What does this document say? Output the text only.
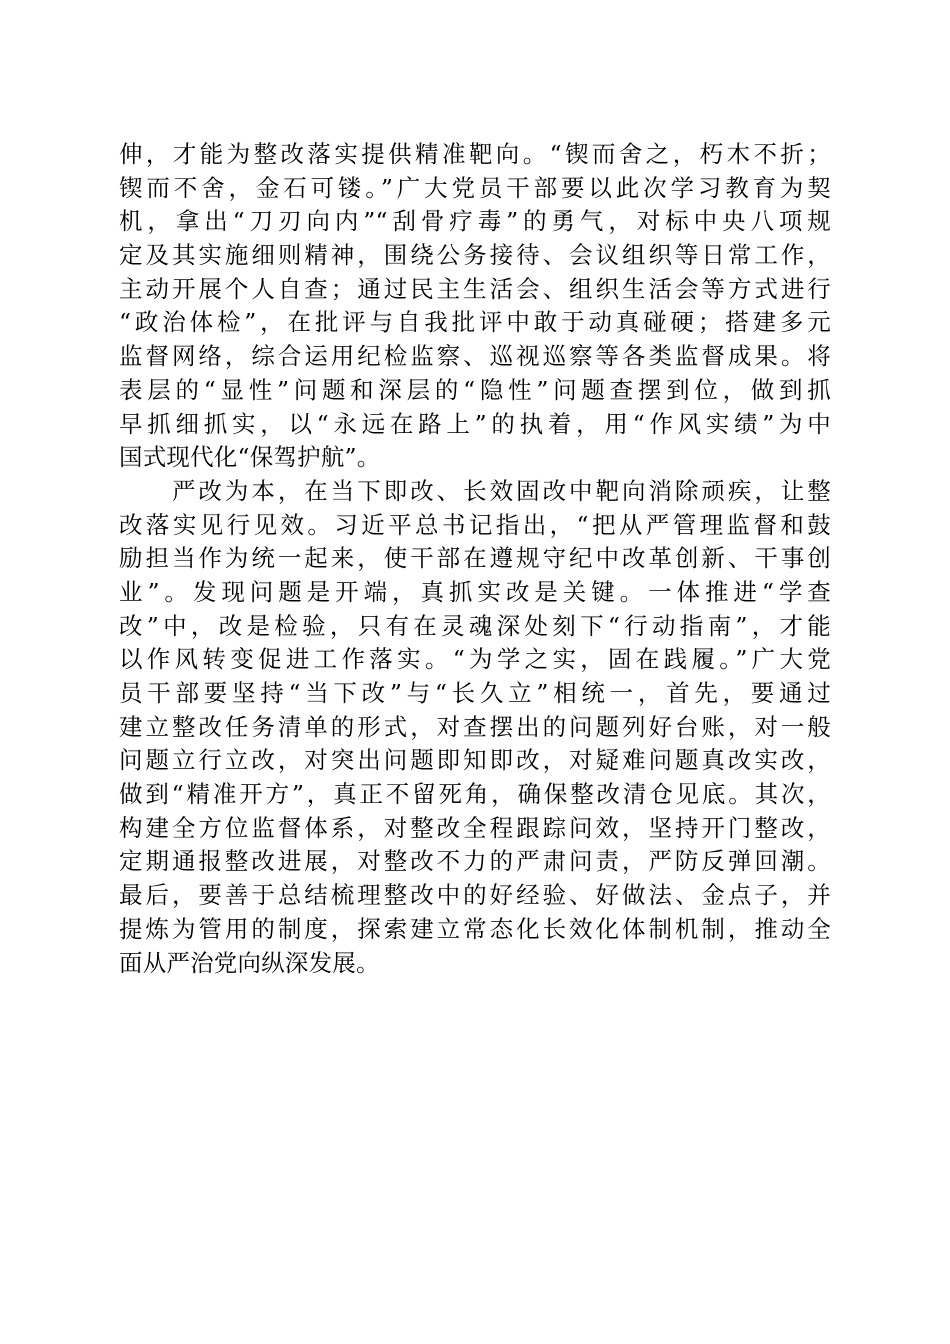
伸，才能为整改落实提供精准靶向。“锲而舍之，朽木不折；
锲而不舍，金石可镂。”广大党员干部要以此次学习教育为契
机，拿出“刀刃向内”“刮骨疗毒”的勇气，对标中央八项规
定及其实施细则精神，围绕公务接待、会议组织等日常工作，
主动开展个人自查；通过民主生活会、组织生活会等方式进行
“政治体检”，在批评与自我批评中敢于动真碰硬；搭建多元
监督网络，综合运用纪检监察、巡视巡察等各类监督成果。将
表层的“显性”问题和深层的“隐性”问题查摆到位，做到抓
早抓细抓实，以“永远在路上”的执着，用“作风实绩”为中
国式现代化“保驾护航”。
　　严改为本，在当下即改、长效固改中靶向消除顽疾，让整
改落实见行见效。习近平总书记指出，“把从严管理监督和鼓
励担当作为统一起来，使干部在遵规守纪中改革创新、干事创
业”。发现问题是开端，真抓实改是关键。一体推进“学查
改”中，改是检验，只有在灵魂深处刻下“行动指南”，才能
以作风转变促进工作落实。“为学之实，固在践履。”广大党
员干部要坚持“当下改”与“长久立”相统一，首先，要通过
建立整改任务清单的形式，对查摆出的问题列好台账，对一般
问题立行立改，对突出问题即知即改，对疑难问题真改实改，
做到“精准开方”，真正不留死角，确保整改清仓见底。其次，
构建全方位监督体系，对整改全程跟踪问效，坚持开门整改，
定期通报整改进展，对整改不力的严肃问责，严防反弹回潮。
最后，要善于总结梳理整改中的好经验、好做法、金点子，并
提炼为管用的制度，探索建立常态化长效化体制机制，推动全
面从严治党向纵深发展。
